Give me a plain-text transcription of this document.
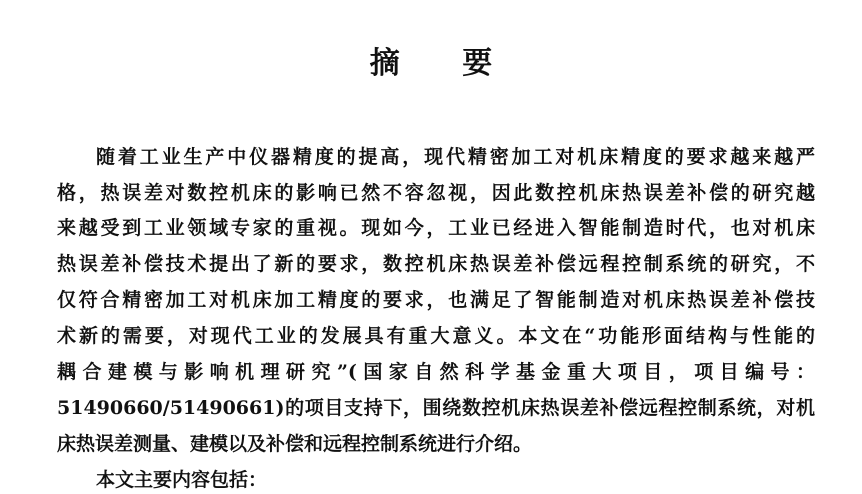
摘 要
随着工业生产中仪器精度的提高，现代精密加工对机床精度的要求越来越严
格，热误差对数控机床的影响已然不容忽视，因此数控机床热误差补偿的研究越
来越受到工业领域专家的重视。现如今，工业已经进入智能制造时代，也对机床
热误差补偿技术提出了新的要求，数控机床热误差补偿远程控制系统的研究，不
仅符合精密加工对机床加工精度的要求，也满足了智能制造对机床热误差补偿技
术新的需要，对现代工业的发展具有重大意义。本文在“功能形面结构与性能的
耦合建模与影响机理研究”(国家自然科学基金重大项目，项目编号：
51490660/51490661)的项目支持下，围绕数控机床热误差补偿远程控制系统，对机
床热误差测量、建模以及补偿和远程控制系统进行介绍。
本文主要内容包括：
